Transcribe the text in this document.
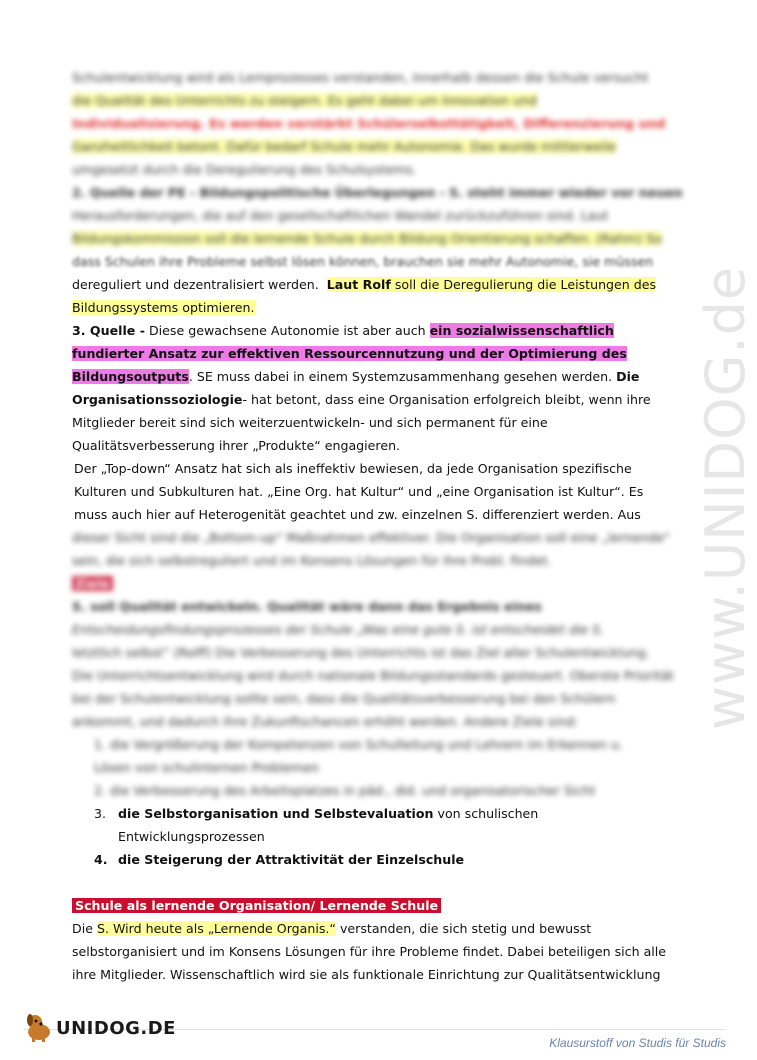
www.UNIDOG.de
Schulentwicklung wird als Lernprozesses verstanden, innerhalb dessen die Schule versucht
die Qualität des Unterrichts zu steigern. Es geht dabei um Innovation und
Individualisierung. Es werden verstärkt Schülerselbsttätigkeit, Differenzierung und
Ganzheitlichkeit betont. Dafür bedarf Schule mehr Autonomie. Das wurde mittlerweile
umgesetzt durch die Deregulierung des Schulsystems.
2. Quelle der PE - Bildungspolitische Überlegungen - S. steht immer wieder vor neuen
Herausforderungen, die auf den gesellschaftlichen Wandel zurückzuführen sind. Laut
Bildungskommission soll die lernende Schule durch Bildung Orientierung schaffen. (Rahm) So
dass Schulen ihre Probleme selbst lösen können, brauchen sie mehr Autonomie, sie müssen
dereguliert und dezentralisiert werden. Laut Rolf soll die Deregulierung die Leistungen des
Bildungssystems optimieren.
3. Quelle - Diese gewachsene Autonomie ist aber auch ein sozialwissenschaftlich
fundierter Ansatz zur effektiven Ressourcennutzung und der Optimierung des
Bildungsoutputs. SE muss dabei in einem Systemzusammenhang gesehen werden. Die
Organisationssoziologie- hat betont, dass eine Organisation erfolgreich bleibt, wenn ihre
Mitglieder bereit sind sich weiterzuentwickeln- und sich permanent für eine
Qualitätsverbesserung ihrer „Produkte“ engagieren.
Der „Top-down“ Ansatz hat sich als ineffektiv bewiesen, da jede Organisation spezifische
Kulturen und Subkulturen hat. „Eine Org. hat Kultur“ und „eine Organisation ist Kultur“. Es
muss auch hier auf Heterogenität geachtet und zw. einzelnen S. differenziert werden. Aus
dieser Sicht sind die „Bottom-up“ Maßnahmen effektiver. Die Organisation soll eine „lernende“
sein, die sich selbstreguliert und im Konsens Lösungen für ihre Probl. findet.
Ziele
S. soll Qualität entwickeln. Qualität wäre dann das Ergebnis eines
Entscheidungsfindungsprozesses der Schule „Was eine gute S. ist entscheidet die S.
letztlich selbst“ (Rolff) Die Verbesserung des Unterrichts ist das Ziel aller Schulentwicklung.
Die Unterrichtsentwicklung wird durch nationale Bildungsstandards gesteuert. Oberste Priorität
bei der Schulentwicklung sollte sein, dass die Qualitätsverbesserung bei den Schülern
ankommt, und dadurch ihre Zukunftschancen erhöht werden. Andere Ziele sind:
1. die Vergrößerung der Kompetenzen von Schulleitung und Lehrern im Erkennen u.
Lösen von schulinternen Problemen
2. die Verbesserung des Arbeitsplatzes in päd., did. und organisatorischer Sicht
3. die Selbstorganisation und Selbstevaluation von schulischen
Entwicklungsprozessen
4. die Steigerung der Attraktivität der Einzelschule
Schule als lernende Organisation/ Lernende Schule
Die S. Wird heute als „Lernende Organis.“ verstanden, die sich stetig und bewusst
selbstorganisiert und im Konsens Lösungen für ihre Probleme findet. Dabei beteiligen sich alle
ihre Mitglieder. Wissenschaftlich wird sie als funktionale Einrichtung zur Qualitätsentwicklung
UNIDOG.DE
Klausurstoff von Studis für Studis
